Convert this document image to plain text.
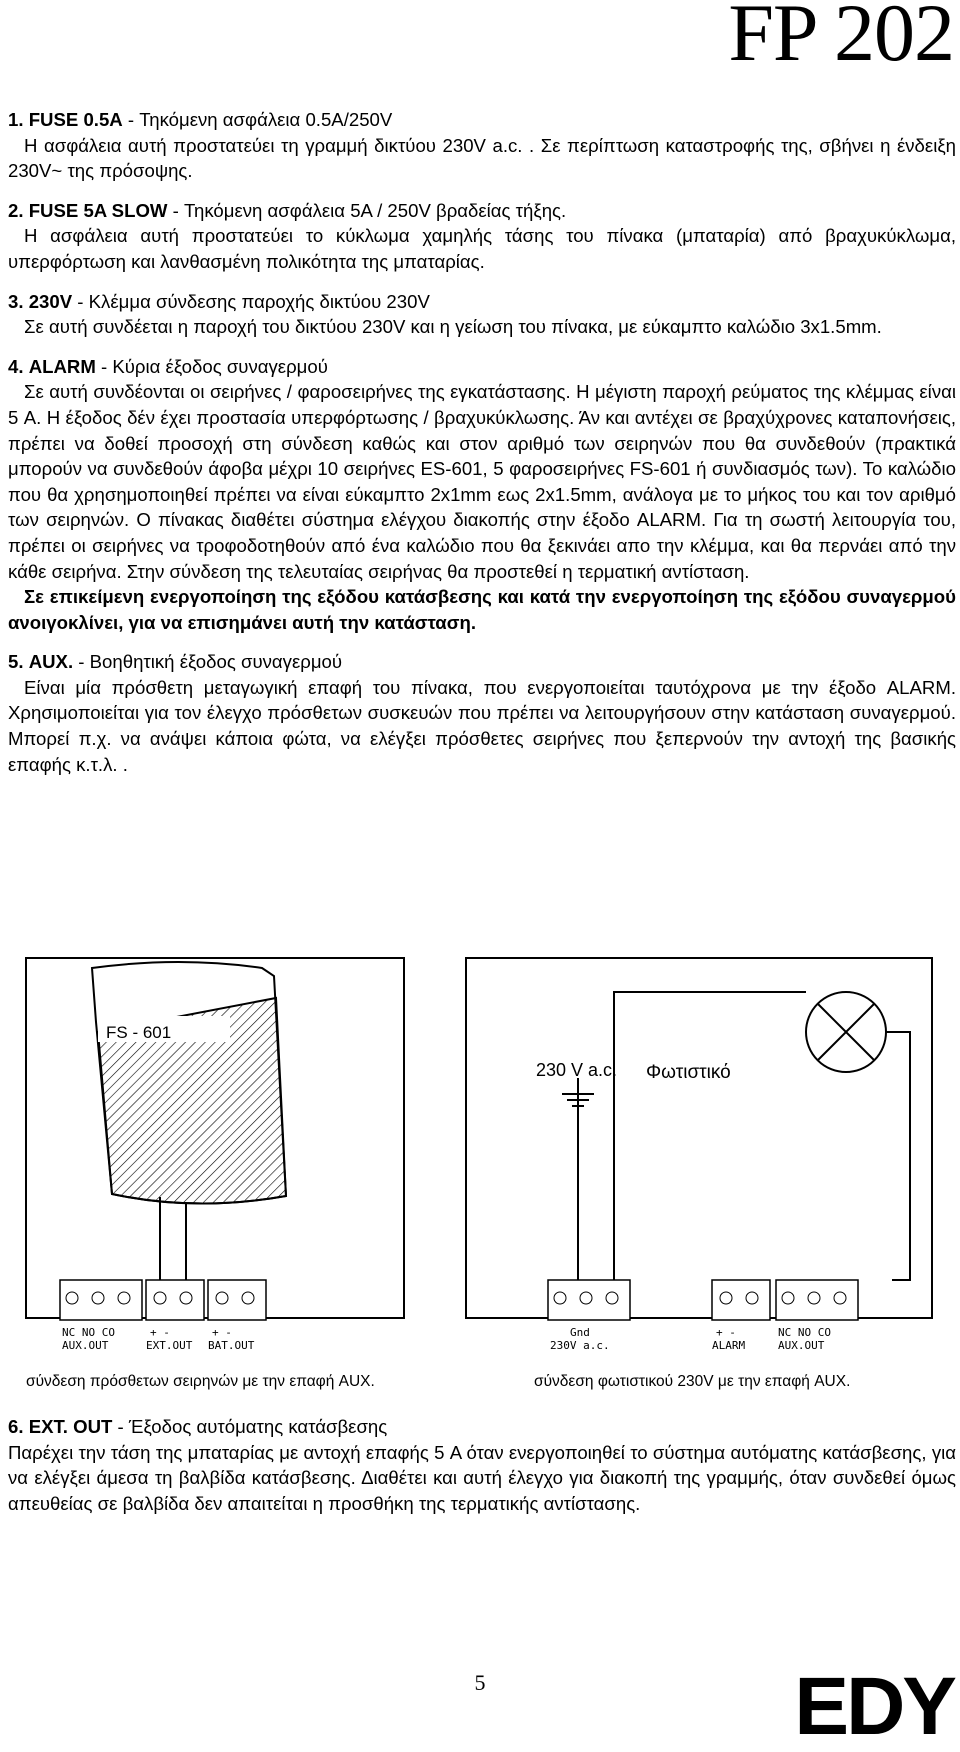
FP 202

1. FUSE 0.5A - Τηκόμενη ασφάλεια 0.5A/250V

Η ασφάλεια αυτή προστατεύει τη γραμμή δικτύου 230V a.c. . Σε περίπτωση καταστροφής της, σβήνει η ένδειξη 230V~ της πρόσοψης.

2. FUSE 5A SLOW - Τηκόμενη ασφάλεια 5A / 250V βραδείας τήξης.

Η ασφάλεια αυτή προστατεύει το κύκλωμα χαμηλής τάσης του πίνακα (μπαταρία) από βραχυκύκλωμα, υπερφόρτωση και λανθασμένη πολικότητα της μπαταρίας.

3. 230V - Κλέμμα σύνδεσης παροχής δικτύου 230V

Σε αυτή συνδέεται η παροχή του δικτύου 230V και η γείωση του πίνακα, με εύκαμπτο καλώδιο 3x1.5mm.

4. ALARM - Κύρια έξοδος συναγερμού

Σε αυτή συνδέονται οι σειρήνες / φαροσειρήνες της εγκατάστασης. Η μέγιστη παροχή ρεύματος της κλέμμας είναι 5 A. Η έξοδος δέν έχει προστασία υπερφόρτωσης / βραχυκύκλωσης. Άν και αντέχει σε βραχύχρονες καταπονήσεις, πρέπει να δοθεί προσοχή στη σύνδεση καθώς και στον αριθμό των σειρηνών που θα συνδεθούν (πρακτικά μπορούν να συνδεθούν άφοβα μέχρι 10 σειρήνες ES-601, 5 φαροσειρήνες FS-601 ή συνδιασμός των). Το καλώδιο που θα χρησημοποιηθεί πρέπει να είναι εύκαμπτο 2x1mm εως 2x1.5mm, ανάλογα με το μήκος του και τον αριθμό των σειρηνών. Ο πίνακας διαθέτει σύστημα ελέγχου διακοπής στην έξοδο ALARM. Για τη σωστή λειτουργία του, πρέπει οι σειρήνες να τροφοδοτηθούν από ένα καλώδιο που θα ξεκινάει απο την κλέμμα, και θα περνάει από την κάθε σειρήνα. Στην σύνδεση της τελευταίας σειρήνας θα προστεθεί η τερματική αντίσταση.

Σε επικείμενη ενεργοποίηση της εξόδου κατάσβεσης και κατά την ενεργοποίηση της εξόδου συναγερμού ανοιγοκλίνει, για να επισημάνει αυτή την κατάσταση.

5. AUX. - Βοηθητική έξοδος συναγερμού

Είναι μία πρόσθετη μεταγωγική επαφή του πίνακα, που ενεργοποιείται ταυτόχρονα με την έξοδο ALARM. Χρησιμοποιείται για τον έλεγχο πρόσθετων συσκευών που πρέπει να λειτουργήσουν στην κατάσταση συναγερμού. Μπορεί π.χ. να ανάψει κάποια φώτα, να ελέγξει πρόσθετες σειρήνες που ξεπερνούν την αντοχή της βασικής επαφής κ.τ.λ. .

FS - 601
NC NO CO
AUX.OUT
+ -
EXT.OUT
+ -
BAT.OUT
230 V a.c. Φωτιστικό
Gnd
230V a.c.
+ -
ALARM
NC NO CO
AUX.OUT
σύνδεση πρόσθετων σειρηνών με την επαφή AUX.	σύνδεση φωτιστικού 230V με την επαφή AUX.

6. EXT. OUT - Έξοδος αυτόματης κατάσβεσης

Παρέχει την τάση της μπαταρίας με αντοχή επαφής 5 A όταν ενεργοποιηθεί το σύστημα αυτόματης κατάσβεσης, για να ελέγξει άμεσα τη βαλβίδα κατάσβεσης. Διαθέτει και αυτή έλεγχο για διακοπή της γραμμής, όταν συνδεθεί όμως απευθείας σε βαλβίδα δεν απαιτείται η προσθήκη της τερματικής αντίστασης.

5	EDY
